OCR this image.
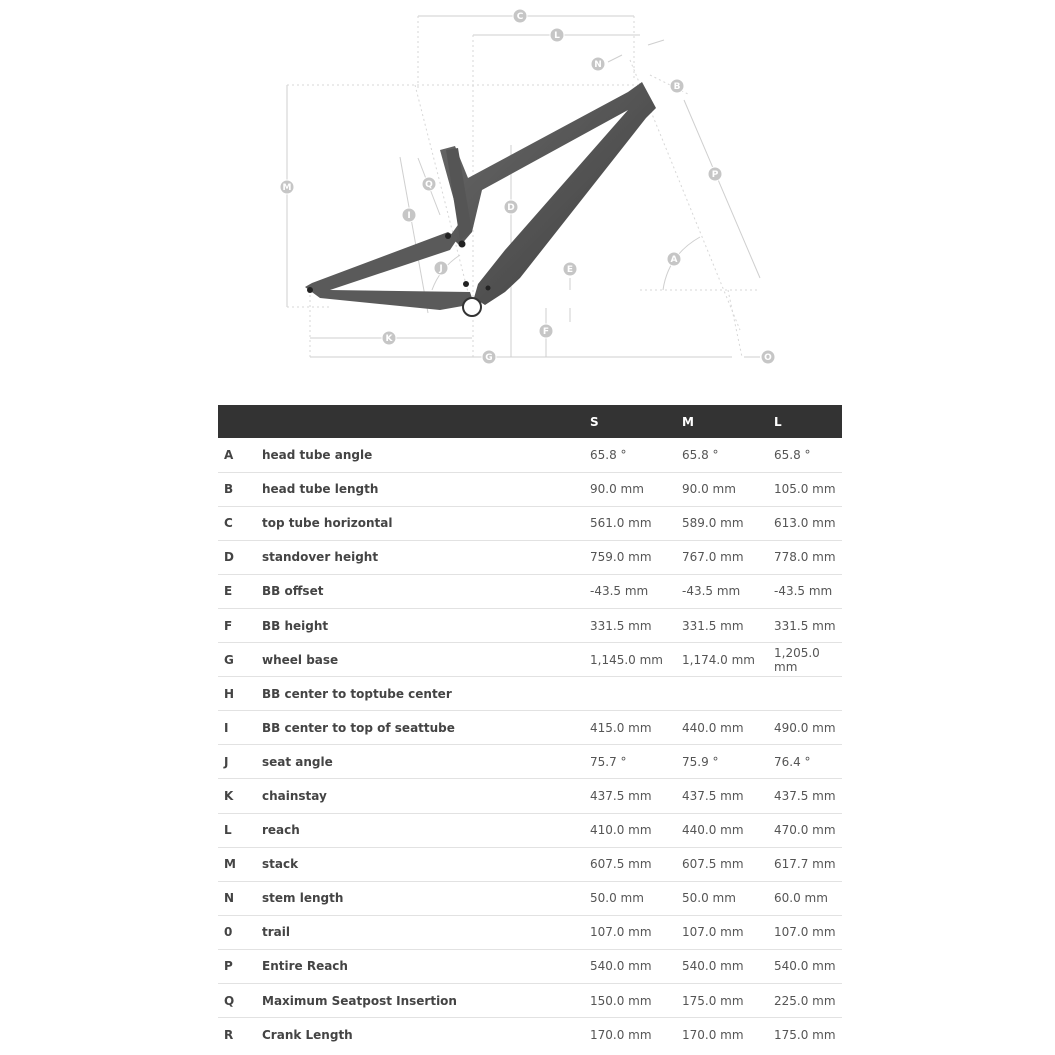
C
L
N
B
M
P
Q
D
I
A
E
J
F
K
G	O
		S	M	L
A	head tube angle	65.8 °	65.8 °	65.8 °
B	head tube length	90.0 mm	90.0 mm	105.0 mm
C	top tube horizontal	561.0 mm	589.0 mm	613.0 mm
D	standover height	759.0 mm	767.0 mm	778.0 mm
E	BB offset	-43.5 mm	-43.5 mm	-43.5 mm
F	BB height	331.5 mm	331.5 mm	331.5 mm
G	wheel base	1,145.0 mm	1,174.0 mm	1,205.0 mm
H	BB center to toptube center			
I	BB center to top of seattube	415.0 mm	440.0 mm	490.0 mm
J	seat angle	75.7 °	75.9 °	76.4 °
K	chainstay	437.5 mm	437.5 mm	437.5 mm
L	reach	410.0 mm	440.0 mm	470.0 mm
M	stack	607.5 mm	607.5 mm	617.7 mm
N	stem length	50.0 mm	50.0 mm	60.0 mm
0	trail	107.0 mm	107.0 mm	107.0 mm
P	Entire Reach	540.0 mm	540.0 mm	540.0 mm
Q	Maximum Seatpost Insertion	150.0 mm	175.0 mm	225.0 mm
R	Crank Length	170.0 mm	170.0 mm	175.0 mm
